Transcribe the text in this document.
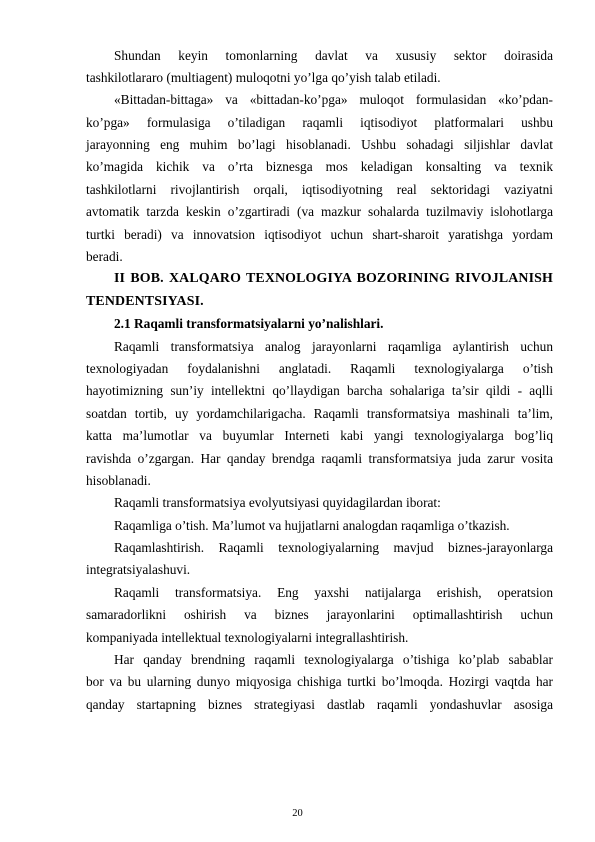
Shundan keyin tomonlarning davlat va xususiy sektor doirasida
tashkilotlararo (multiagent) muloqotni yo’lga qo’yish talab etiladi.
«Bittadan-bittaga» va «bittadan-ko’pga» muloqot formulasidan «ko’pdan-
ko’pga» formulasiga o’tiladigan raqamli iqtisodiyot platformalari ushbu
jarayonning eng muhim bo’lagi hisoblanadi. Ushbu sohadagi siljishlar davlat
ko’magida kichik va o’rta biznesga mos keladigan konsalting va texnik
tashkilotlarni rivojlantirish orqali, iqtisodiyotning real sektoridagi vaziyatni
avtomatik tarzda keskin o’zgartiradi (va mazkur sohalarda tuzilmaviy islohotlarga
turtki beradi) va innovatsion iqtisodiyot uchun shart-sharoit yaratishga yordam
beradi.
II BOB. XALQARO TEXNOLOGIYA BOZORINING RIVOJLANISH
TENDENTSIYASI.
2.1 Raqamli transformatsiyalarni yo’nalishlari.
Raqamli transformatsiya analog jarayonlarni raqamliga aylantirish uchun
texnologiyadan foydalanishni anglatadi. Raqamli texnologiyalarga o’tish
hayotimizning sun’iy intellektni qo’llaydigan barcha sohalariga ta’sir qildi - aqlli
soatdan tortib, uy yordamchilarigacha. Raqamli transformatsiya mashinali ta’lim,
katta ma’lumotlar va buyumlar Interneti kabi yangi texnologiyalarga bog’liq
ravishda o’zgargan. Har qanday brendga raqamli transformatsiya juda zarur vosita
hisoblanadi.
Raqamli transformatsiya evolyutsiyasi quyidagilardan iborat:
Raqamliga o’tish. Ma’lumot va hujjatlarni analogdan raqamliga o’tkazish.
Raqamlashtirish. Raqamli texnologiyalarning mavjud biznes-jarayonlarga
integratsiyalashuvi.
Raqamli transformatsiya. Eng yaxshi natijalarga erishish, operatsion
samaradorlikni oshirish va biznes jarayonlarini optimallashtirish uchun
kompaniyada intellektual texnologiyalarni integrallashtirish.
Har qanday brendning raqamli texnologiyalarga o’tishiga ko’plab sabablar
bor va bu ularning dunyo miqyosiga chishiga turtki bo’lmoqda. Hozirgi vaqtda har
qanday startapning biznes strategiyasi dastlab raqamli yondashuvlar asosiga
20
